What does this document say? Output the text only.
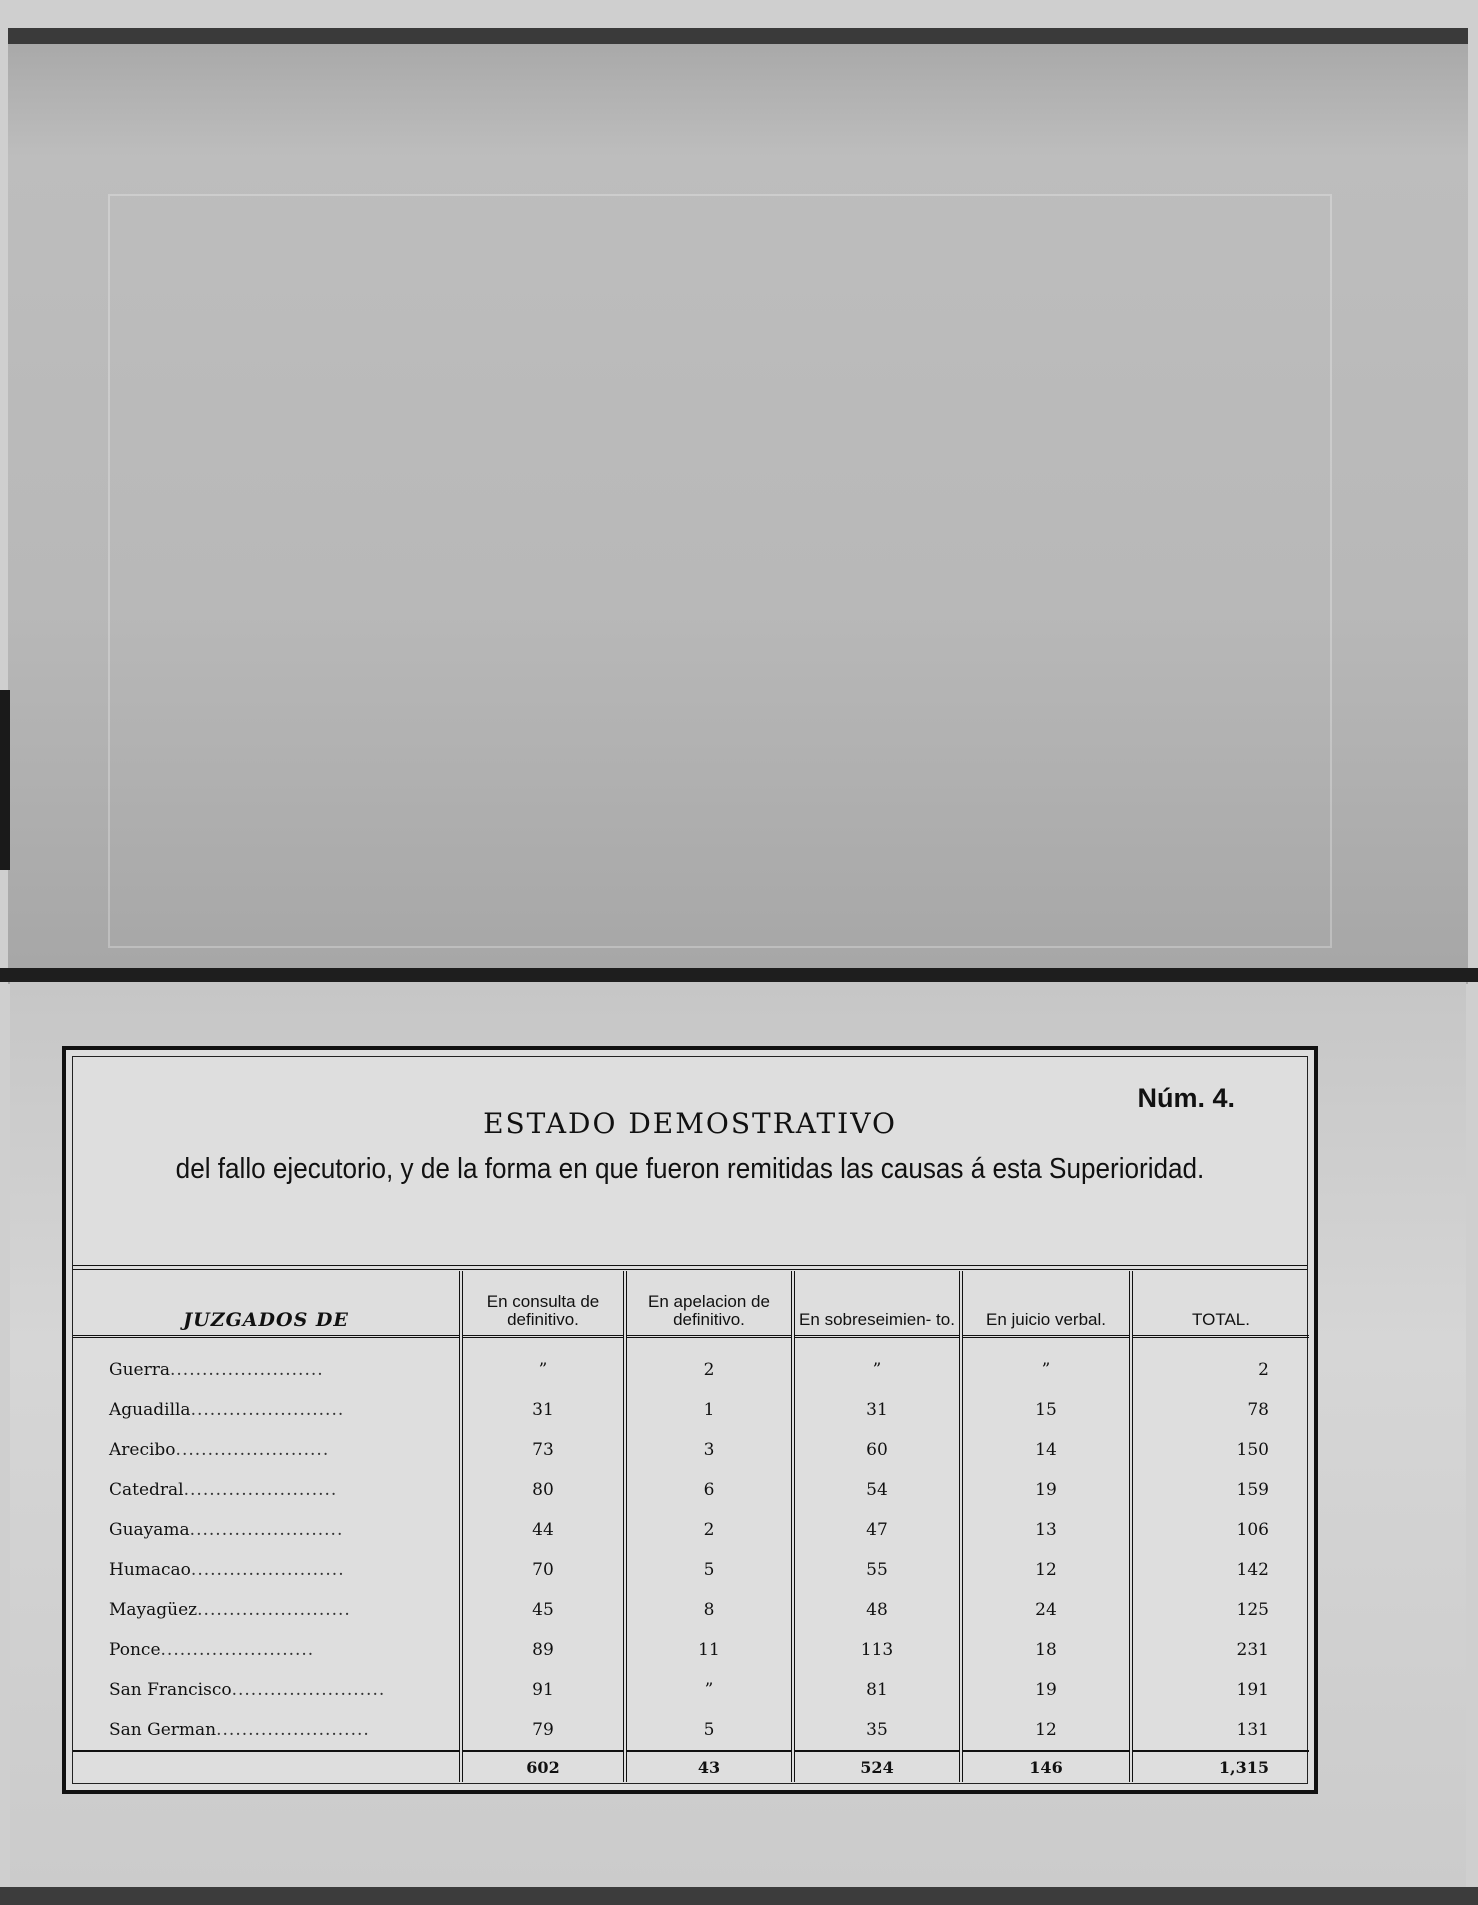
Núm. 4.
ESTADO DEMOSTRATIVO
del fallo ejecutorio, y de la forma en que fueron remitidas las causas á esta Superioridad.
JUZGADOS DE	En consulta de definitivo.	En apelacion de definitivo.	En sobreseimien- to.	En juicio verbal.	TOTAL.
Guerra........................	”	2	”	”	2
Aguadilla........................	31	1	31	15	78
Arecibo........................	73	3	60	14	150
Catedral........................	80	6	54	19	159
Guayama........................	44	2	47	13	106
Humacao........................	70	5	55	12	142
Mayagüez........................	45	8	48	24	125
Ponce........................	89	11	113	18	231
San Francisco........................	91	”	81	19	191
San German........................	79	5	35	12	131
	602	43	524	146	1,315
